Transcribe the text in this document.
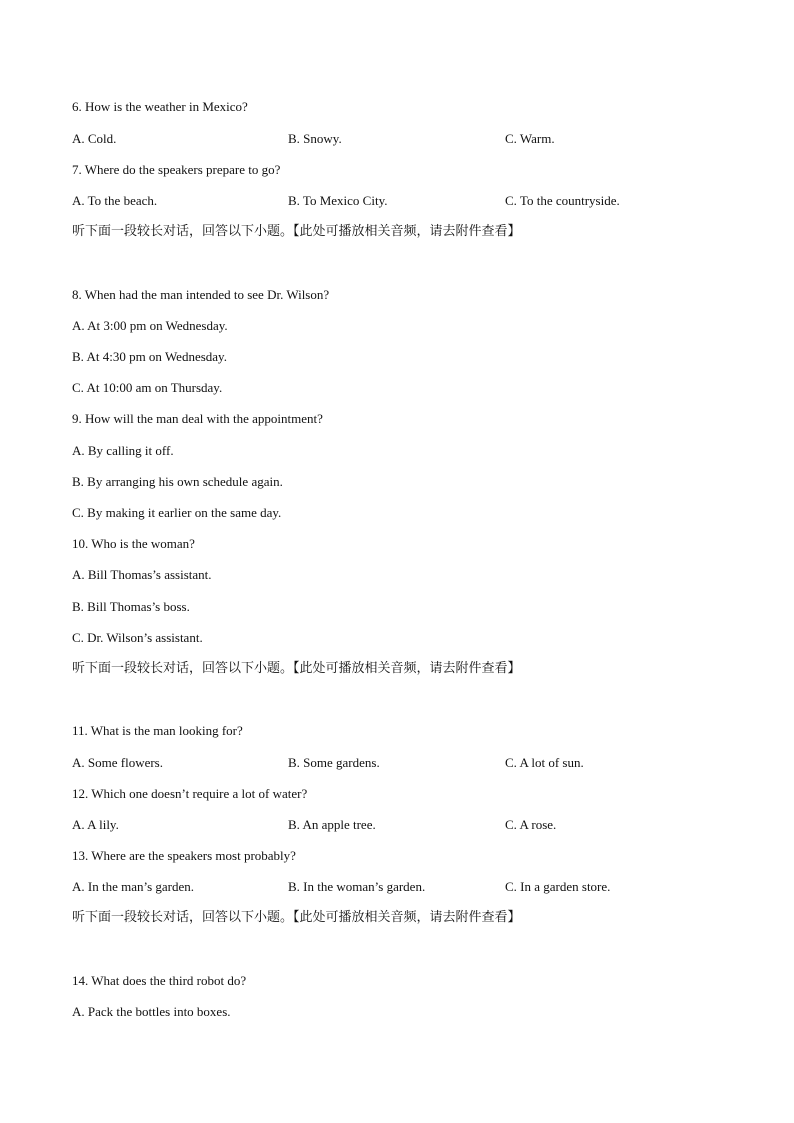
6. How is the weather in Mexico?
A. Cold.	B. Snowy.	C. Warm.
7. Where do the speakers prepare to go?
A. To the beach.	B. To Mexico City.	C. To the countryside.
听下面一段较长对话，回答以下小题。【此处可播放相关音频，请去附件查看】
8. When had the man intended to see Dr. Wilson?
A. At 3:00 pm on Wednesday.
B. At 4:30 pm on Wednesday.
C. At 10:00 am on Thursday.
9. How will the man deal with the appointment?
A. By calling it off.
B. By arranging his own schedule again.
C. By making it earlier on the same day.
10. Who is the woman?
A. Bill Thomas’s assistant.
B. Bill Thomas’s boss.
C. Dr. Wilson’s assistant.
听下面一段较长对话，回答以下小题。【此处可播放相关音频，请去附件查看】
11. What is the man looking for?
A. Some flowers.	B. Some gardens.	C. A lot of sun.
12. Which one doesn’t require a lot of water?
A. A lily.	B. An apple tree.	C. A rose.
13. Where are the speakers most probably?
A. In the man’s garden.	B. In the woman’s garden.	C. In a garden store.
听下面一段较长对话，回答以下小题。【此处可播放相关音频，请去附件查看】
14. What does the third robot do?
A. Pack the bottles into boxes.
